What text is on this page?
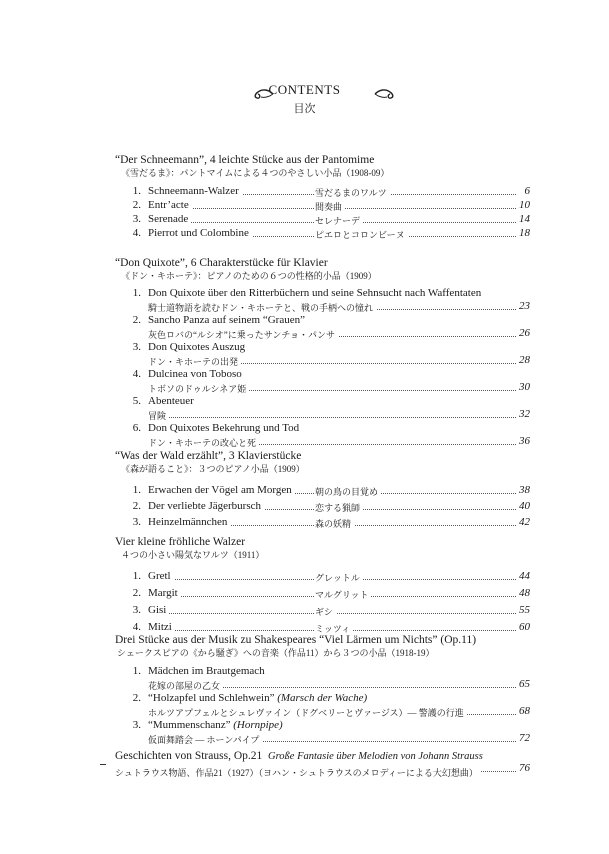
CONTENTS
目次
“Der Schneemann”, 4 leichte Stücke aus der Pantomime
《雪だるま》：パントマイムによる４つのやさしい小品（1908-09）
1. Schneemann-Walzer	雪だるまのワルツ	6
2. Entr’acte	間奏曲	10
3. Serenade	セレナーデ	14
4. Pierrot und Colombine	ピエロとコロンビーヌ	18
“Don Quixote”, 6 Charakterstücke für Klavier
《ドン・キホーテ》：ピアノのための６つの性格的小品（1909）
1. Don Quixote über den Ritterbüchern und seine Sehnsucht nach Waffentaten
騎士道物語を読むドン・キホーテと、戦の手柄への憧れ	23
2. Sancho Panza auf seinem “Grauen”
灰色ロバの“ルシオ”に乗ったサンチョ・パンサ	26
3. Don Quixotes Auszug
ドン・キホーテの出発	28
4. Dulcinea von Toboso
トボソのドゥルシネア姫	30
5. Abenteuer
冒険	32
6. Don Quixotes Bekehrung und Tod
ドン・キホーテの改心と死	36
“Was der Wald erzählt”, 3 Klavierstücke
《森が語ること》：３つのピアノ小品（1909）
1. Erwachen der Vögel am Morgen	朝の鳥の目覚め	38
2. Der verliebte Jägerbursch	恋する猟師	40
3. Heinzelmännchen	森の妖精	42
Vier kleine fröhliche Walzer
４つの小さい陽気なワルツ（1911）
1. Gretl	グレットル	44
2. Margit	マルグリット	48
3. Gisi	ギシ	55
4. Mitzi	ミッツィ	60
Drei Stücke aus der Musik zu Shakespeares “Viel Lärmen um Nichts” (Op.11)
シェークスピアの《から騒ぎ》への音楽（作品11）から３つの小品（1918-19）
1. Mädchen im Brautgemach
花嫁の部屋の乙女	65
2. “Holzapfel und Schlehwein” (Marsch der Wache)
ホルツアプフェルとシュレヴァイン（ドグベリーとヴァージス）― 警護の行進	68
3. “Mummenschanz” (Hornpipe)
仮面舞踏会 ― ホーンパイプ	72
Geschichten von Strauss, Op.21 Große Fantasie über Melodien von Johann Strauss
シュトラウス物語、作品21（1927）（ヨハン・シュトラウスのメロディーによる大幻想曲）	76
